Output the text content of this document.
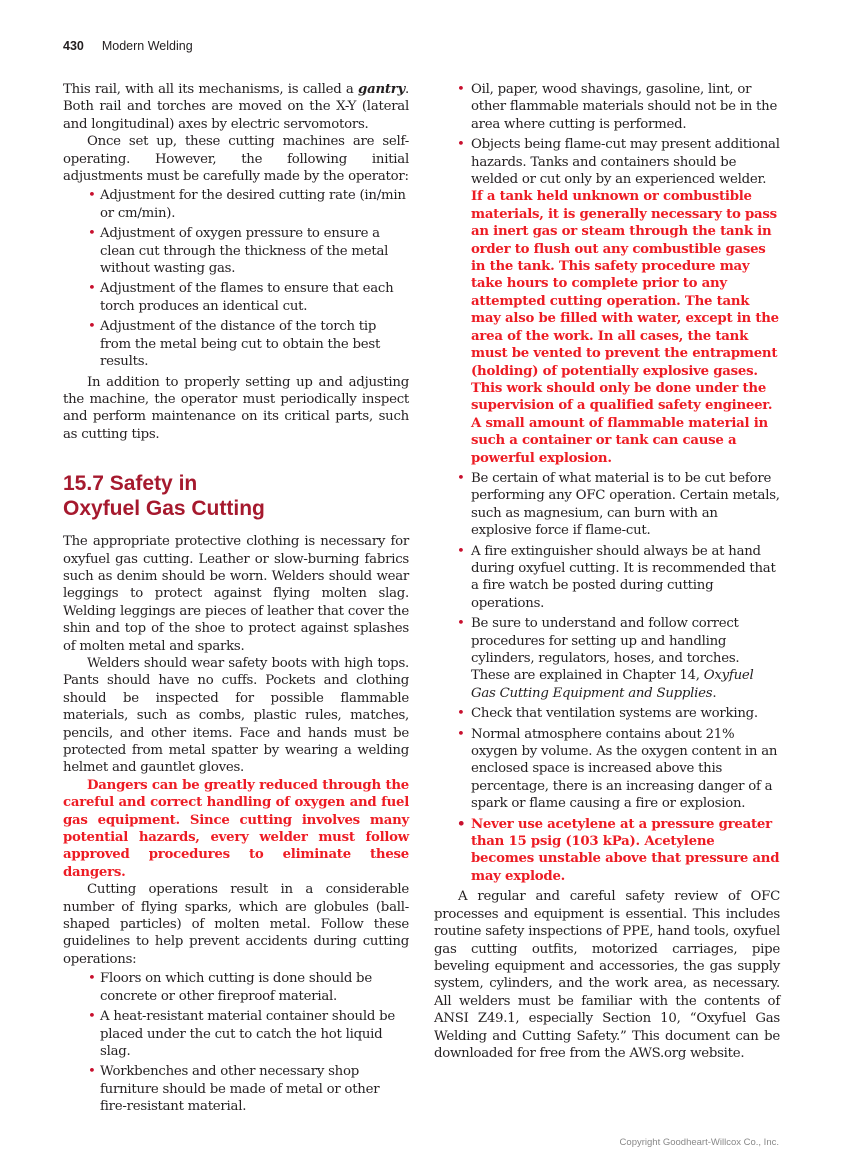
430 Modern Welding

This rail, with all its mechanisms, is called a gantry. Both rail and torches are moved on the X-Y (lateral and longitudinal) axes by electric servomotors.

Once set up, these cutting machines are self-operating. However, the following initial adjustments must be carefully made by the operator:

• Adjustment for the desired cutting rate (in/min or cm/min).
• Adjustment of oxygen pressure to ensure a clean cut through the thickness of the metal without wasting gas.
• Adjustment of the flames to ensure that each torch produces an identical cut.
• Adjustment of the distance of the torch tip from the metal being cut to obtain the best results.

In addition to properly setting up and adjusting the machine, the operator must periodically inspect and perform maintenance on its critical parts, such as cutting tips.

15.7 Safety in
Oxyfuel Gas Cutting

The appropriate protective clothing is necessary for oxyfuel gas cutting. Leather or slow-burning fabrics such as denim should be worn. Welders should wear leggings to protect against flying molten slag. Welding leggings are pieces of leather that cover the shin and top of the shoe to protect against splashes of molten metal and sparks.

Welders should wear safety boots with high tops. Pants should have no cuffs. Pockets and clothing should be inspected for possible flammable materials, such as combs, plastic rules, matches, pencils, and other items. Face and hands must be protected from metal spatter by wearing a welding helmet and gauntlet gloves.

Dangers can be greatly reduced through the careful and correct handling of oxygen and fuel gas equipment. Since cutting involves many potential hazards, every welder must follow approved procedures to eliminate these dangers.

Cutting operations result in a considerable number of flying sparks, which are globules (ball-shaped particles) of molten metal. Follow these guidelines to help prevent accidents during cutting operations:

• Floors on which cutting is done should be concrete or other fireproof material.
• A heat-resistant material container should be placed under the cut to catch the hot liquid slag.
• Workbenches and other necessary shop furniture should be made of metal or other fire-resistant material.
• Oil, paper, wood shavings, gasoline, lint, or other flammable materials should not be in the area where cutting is performed.
• Objects being flame-cut may present additional hazards. Tanks and containers should be welded or cut only by an experienced welder. If a tank held unknown or combustible materials, it is generally necessary to pass an inert gas or steam through the tank in order to flush out any combustible gases in the tank. This safety procedure may take hours to complete prior to any attempted cutting operation. The tank may also be filled with water, except in the area of the work. In all cases, the tank must be vented to prevent the entrapment (holding) of potentially explosive gases. This work should only be done under the supervision of a qualified safety engineer. A small amount of flammable material in such a container or tank can cause a powerful explosion.
• Be certain of what material is to be cut before performing any OFC operation. Certain metals, such as magnesium, can burn with an explosive force if flame-cut.
• A fire extinguisher should always be at hand during oxyfuel cutting. It is recommended that a fire watch be posted during cutting operations.
• Be sure to understand and follow correct procedures for setting up and handling cylinders, regulators, hoses, and torches. These are explained in Chapter 14, Oxyfuel Gas Cutting Equipment and Supplies.
• Check that ventilation systems are working.
• Normal atmosphere contains about 21% oxygen by volume. As the oxygen content in an enclosed space is increased above this percentage, there is an increasing danger of a spark or flame causing a fire or explosion.
• Never use acetylene at a pressure greater than 15 psig (103 kPa). Acetylene becomes unstable above that pressure and may explode.

A regular and careful safety review of OFC processes and equipment is essential. This includes routine safety inspections of PPE, hand tools, oxyfuel gas cutting outfits, motorized carriages, pipe beveling equipment and accessories, the gas supply system, cylinders, and the work area, as necessary. All welders must be familiar with the contents of ANSI Z49.1, especially Section 10, “Oxyfuel Gas Welding and Cutting Safety.” This document can be downloaded for free from the AWS.org website.

Copyright Goodheart-Willcox Co., Inc.
